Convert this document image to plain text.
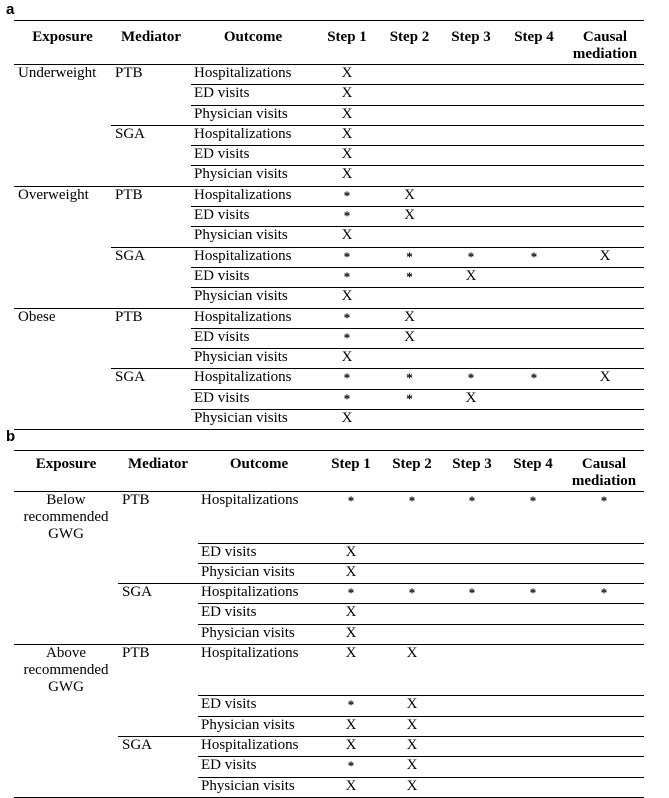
a
Exposure	Mediator	Outcome	Step 1	Step 2	Step 3	Step 4	Causal mediation
Underweight	PTB	Hospitalizations	X				
		ED visits	X				
		Physician visits	X				
	SGA	Hospitalizations	X				
		ED visits	X				
		Physician visits	X				
Overweight	PTB	Hospitalizations	*	X			
		ED visits	*	X			
		Physician visits	X				
	SGA	Hospitalizations	*	*	*	*	X
		ED visits	*	*	X		
		Physician visits	X				
Obese	PTB	Hospitalizations	*	X			
		ED visits	*	X			
		Physician visits	X				
	SGA	Hospitalizations	*	*	*	*	X
		ED visits	*	*	X		
		Physician visits	X				
b
Exposure	Mediator	Outcome	Step 1	Step 2	Step 3	Step 4	Causal mediation
Below recommended GWG	PTB	Hospitalizations	*	*	*	*	*
		ED visits	X				
		Physician visits	X				
	SGA	Hospitalizations	*	*	*	*	*
		ED visits	X				
		Physician visits	X				
Above recommended GWG	PTB	Hospitalizations	X	X			
		ED visits	*	X			
		Physician visits	X	X			
	SGA	Hospitalizations	X	X			
		ED visits	*	X			
		Physician visits	X	X			
